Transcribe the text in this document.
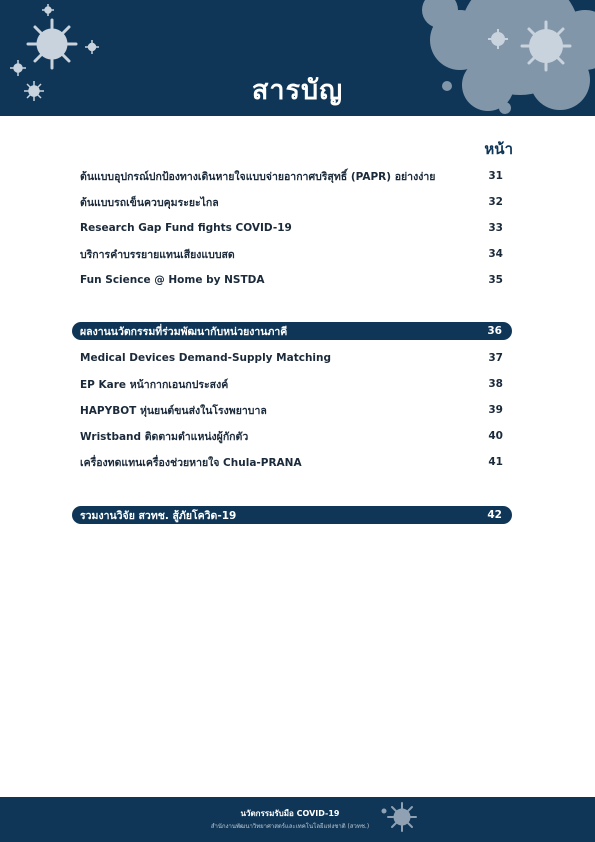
สารบัญ
หน้า
ต้นแบบอุปกรณ์ปกป้องทางเดินหายใจแบบจ่ายอากาศบริสุทธิ์ (PAPR) อย่างง่าย	31
ต้นแบบรถเข็นควบคุมระยะไกล	32
Research Gap Fund fights COVID-19	33
บริการคำบรรยายแทนเสียงแบบสด	34
Fun Science @ Home by NSTDA	35
ผลงานนวัตกรรมที่ร่วมพัฒนากับหน่วยงานภาคี	36
Medical Devices Demand-Supply Matching	37
EP Kare หน้ากากเอนกประสงค์	38
HAPYBOT หุ่นยนต์ขนส่งในโรงพยาบาล	39
Wristband ติดตามตำแหน่งผู้กักตัว	40
เครื่องทดแทนเครื่องช่วยหายใจ Chula-PRANA	41
รวมงานวิจัย สวทช. สู้ภัยโควิด-19	42
นวัตกรรมรับมือ COVID-19
สำนักงานพัฒนาวิทยาศาสตร์และเทคโนโลยีแห่งชาติ (สวทช.)
